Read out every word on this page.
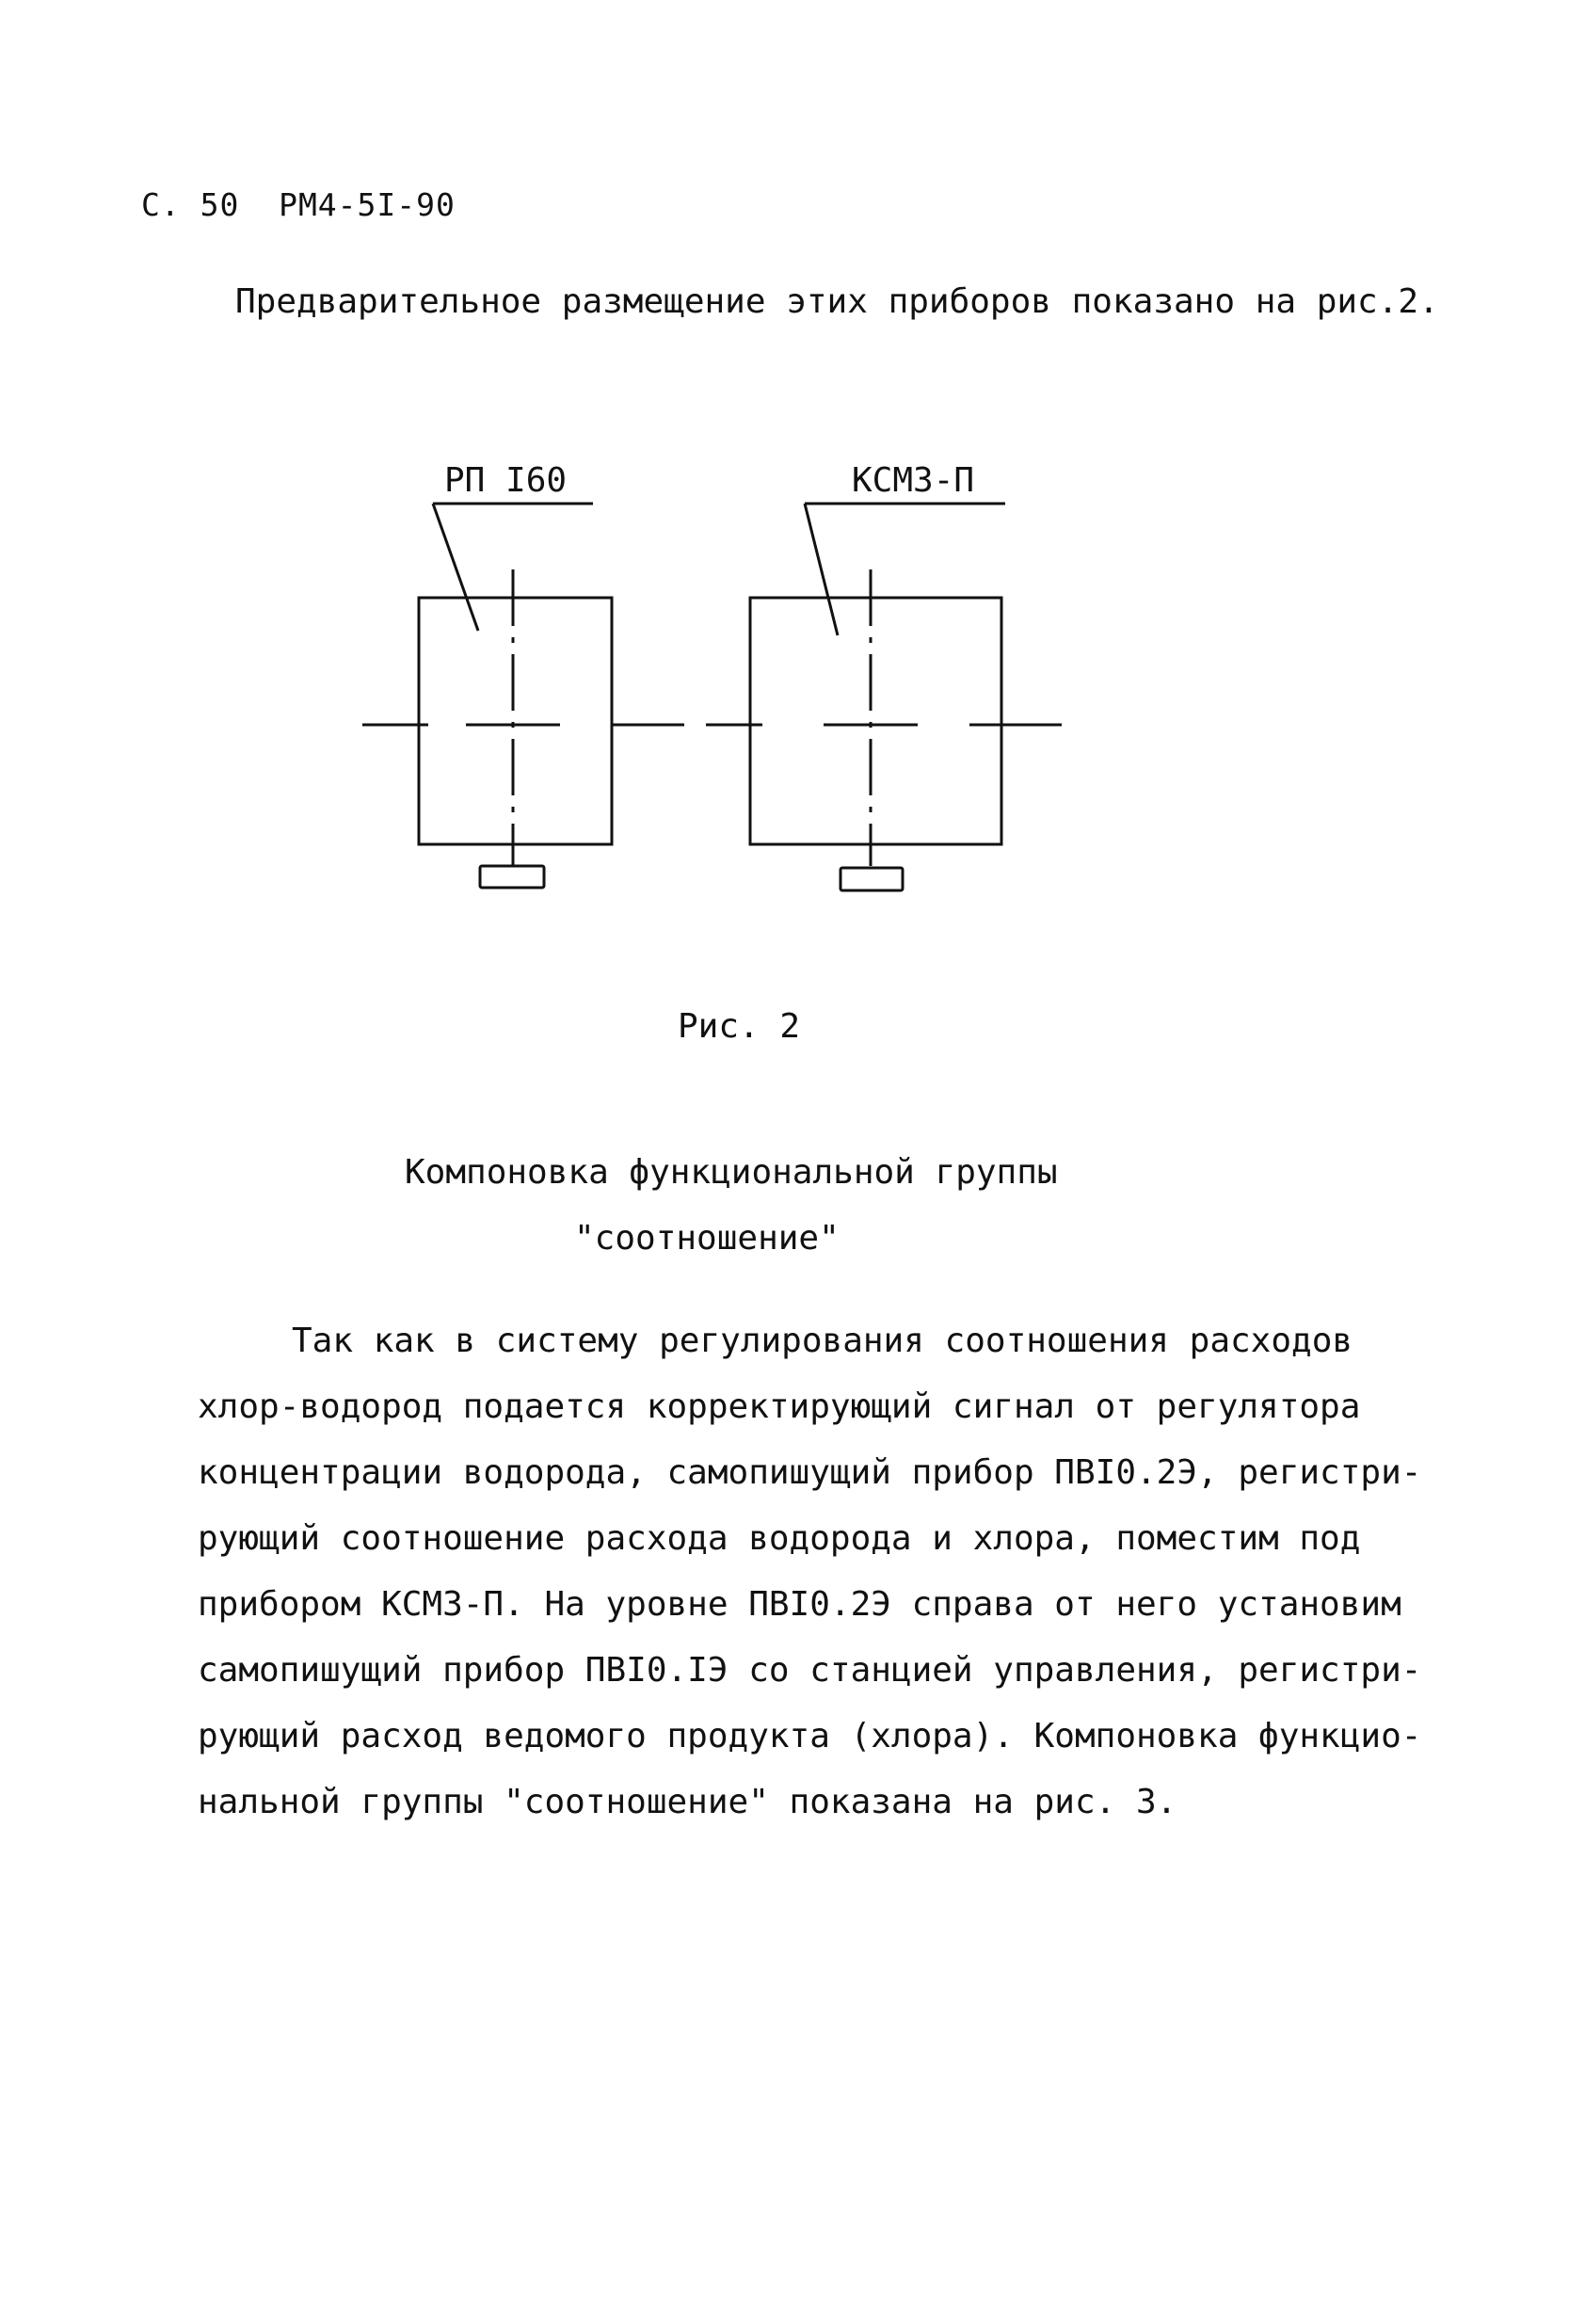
С. 50  РМ4-5I-90
Предварительное размещение этих приборов показано на рис.2.
РП I60	КСМЗ-П
Рис. 2
Компоновка функциональной группы
"соотношение"
Так как в систему регулирования соотношения расходов
хлор-водород подается корректирующий сигнал от регулятора
концентрации водорода, самопишущий прибор ПВI0.2Э, регистри-
рующий соотношение расхода водорода и хлора, поместим под
прибором КСМЗ-П. На уровне ПВI0.2Э справа от него установим
самопишущий прибор ПВI0.IЭ со станцией управления, регистри-
рующий расход ведомого продукта (хлора). Компоновка функцио-
нальной группы "соотношение" показана на рис. 3.
